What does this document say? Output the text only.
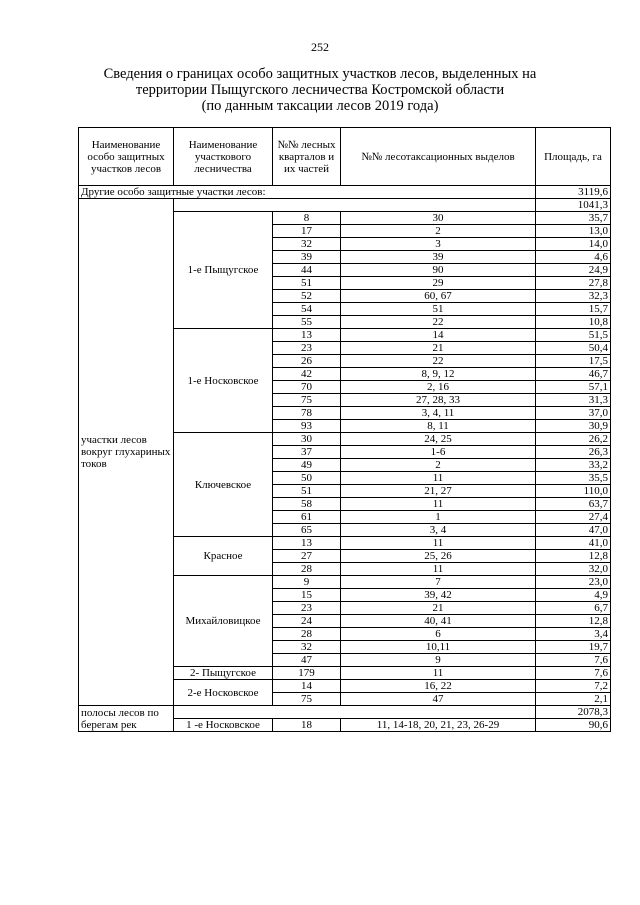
252
Сведения о границах особо защитных участков лесов, выделенных на
территории Пыщугского лесничества Костромской области
(по данным таксации лесов 2019 года)
Наименование особо защитных участков лесов	Наименование участкового лесничества	№№ лесных кварталов и их частей	№№ лесотаксационных выделов	Площадь, га
Другие особо защитные участки лесов:				3119,6
участки лесов вокруг глухариных токов				1041,3
	1-е Пыщугское	8	30	35,7
		17	2	13,0
		32	3	14,0
		39	39	4,6
		44	90	24,9
		51	29	27,8
		52	60, 67	32,3
		54	51	15,7
		55	22	10,8
	1-е Носковское	13	14	51,5
		23	21	50,4
		26	22	17,5
		42	8, 9, 12	46,7
		70	2, 16	57,1
		75	27, 28, 33	31,3
		78	3, 4, 11	37,0
		93	8, 11	30,9
	Ключевское	30	24, 25	26,2
		37	1-6	26,3
		49	2	33,2
		50	11	35,5
		51	21, 27	110,0
		58	11	63,7
		61	1	27,4
		65	3, 4	47,0
	Красное	13	11	41,0
		27	25, 26	12,8
		28	11	32,0
	Михайловицкое	9	7	23,0
		15	39, 42	4,9
		23	21	6,7
		24	40, 41	12,8
		28	6	3,4
		32	10,11	19,7
		47	9	7,6
	2- Пыщугское	179	11	7,6
	2-е Носковское	14	16, 22	7,2
		75	47	2,1
полосы лесов по берегам рек				2078,3
	1 -е Носковское	18	11, 14-18, 20, 21, 23, 26-29	90,6
